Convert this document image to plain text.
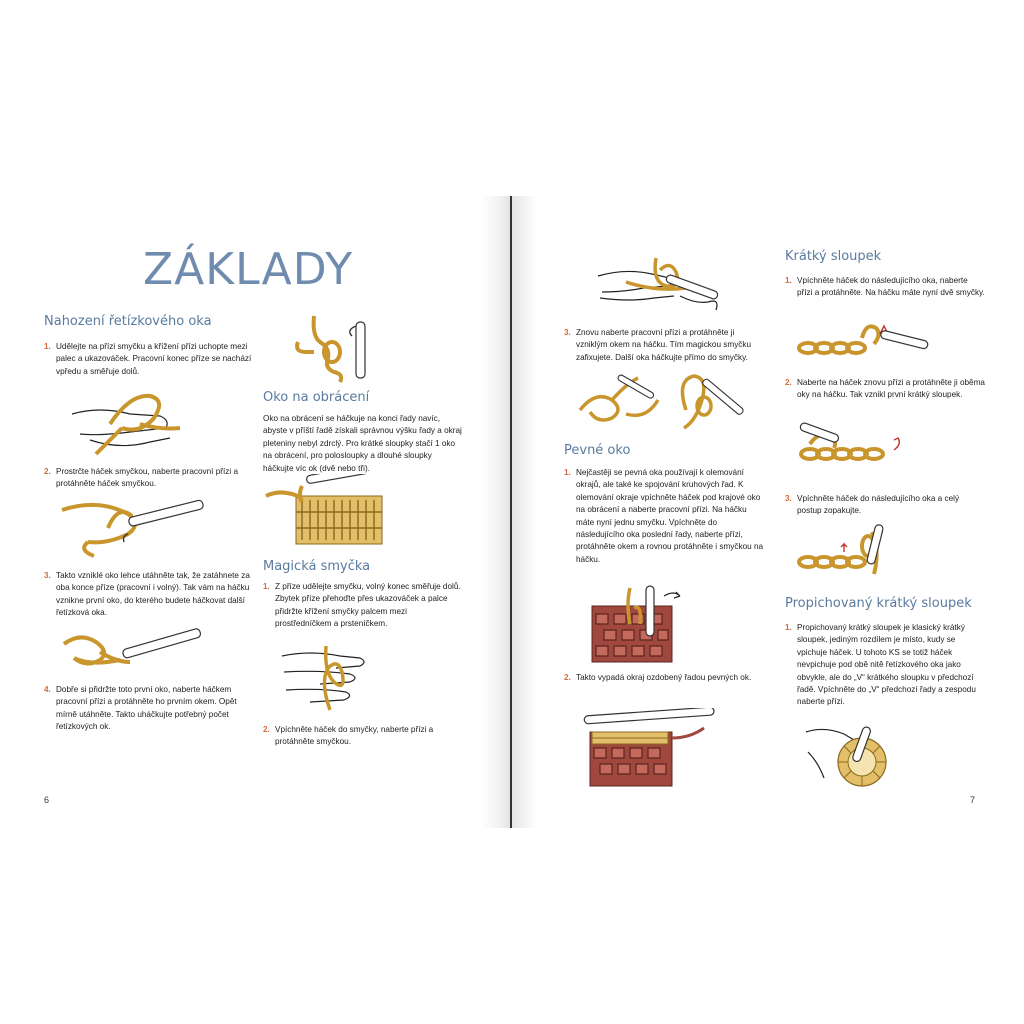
ZÁKLADY
Nahození řetízkového oka
1. Udělejte na přízi smyčku a křížení přízi uchopte mezi palec a ukazováček. Pracovní konec příze se nachází vpředu a směřuje dolů.
2. Prostrčte háček smyčkou, naberte pracovní přízi a protáhněte háček smyčkou.
3. Takto vzniklé oko lehce utáhněte tak, že zatáhnete za oba konce příze (pracovní i volný). Tak vám na háčku vznikne první oko, do kterého budete háčkovat další řetízková oka.
4. Dobře si přidržte toto první oko, naberte háčkem pracovní přízi a protáhněte ho prvním okem. Opět mírně utáhněte. Takto uháčkujte potřebný počet řetízkových ok.
Oko na obrácení
Oko na obrácení se háčkuje na konci řady navíc, abyste v příští řadě získali správnou výšku řady a okraj pleteniny nebyl zdrclý. Pro krátké sloupky stačí 1 oko na obrácení, pro polosloupky a dlouhé sloupky háčkujte víc ok (dvě nebo tři).
Magická smyčka
1. Z příze udělejte smyčku, volný konec směřuje dolů. Zbytek příze přehoďte přes ukazováček a palce přidržte křížení smyčky palcem mezi prostředníčkem a prsteníčkem.
2. Vpíchněte háček do smyčky, naberte přízi a protáhněte smyčkou.
6
3. Znovu naberte pracovní přízi a protáhněte ji vzniklým okem na háčku. Tím magickou smyčku zafixujete. Další oka háčkujte přímo do smyčky.
Pevné oko
1. Nejčastěji se pevná oka používají k olemování okrajů, ale také ke spojování kruhových řad. K olemování okraje vpíchněte háček pod krajové oko na obrácení a naberte pracovní přízi. Na háčku máte nyní jednu smyčku. Vpíchněte do následujícího oka poslední řady, naberte přízi, protáhněte okem a rovnou protáhněte i smyčkou na háčku.
2. Takto vypadá okraj ozdobený řadou pevných ok.
Krátký sloupek
1. Vpíchněte háček do následujícího oka, naberte přízi a protáhněte. Na háčku máte nyní dvě smyčky.
2. Naberte na háček znovu přízi a protáhněte ji oběma oky na háčku. Tak vznikl první krátký sloupek.
3. Vpíchněte háček do následujícího oka a celý postup zopakujte.
Propichovaný krátký sloupek
1. Propichovaný krátký sloupek je klasický krátký sloupek, jediným rozdílem je místo, kudy se vpichuje háček. U tohoto KS se totiž háček nevpichuje pod obě nitě řetízkového oka jako obvykle, ale do „V“ krátkého sloupku v předchozí řadě. Vpíchněte do „V“ předchozí řady a zespodu naberte přízi.
7
